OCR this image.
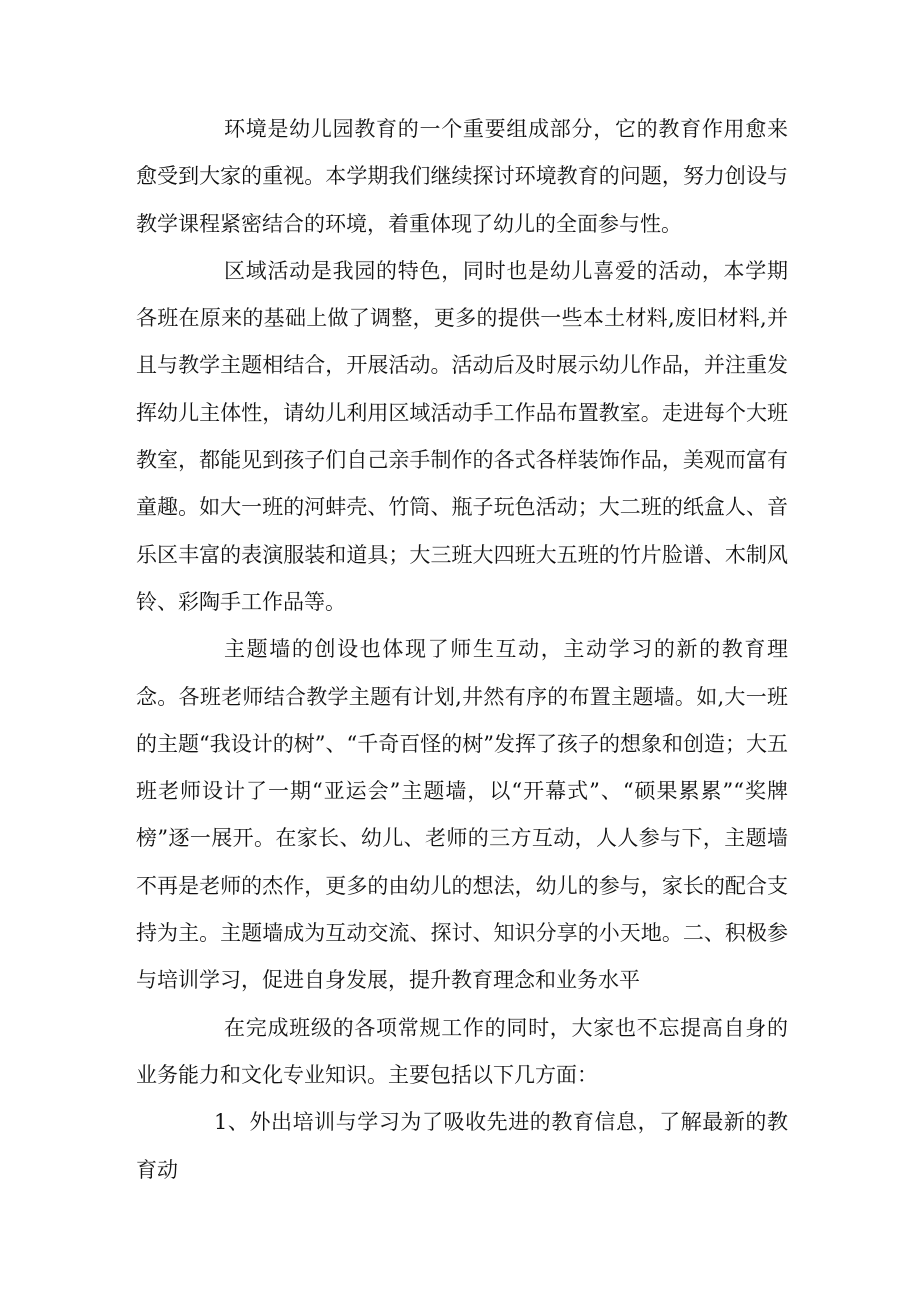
环境是幼儿园教育的一个重要组成部分，它的教育作用愈来愈受到大家的重视。本学期我们继续探讨环境教育的问题，努力创设与教学课程紧密结合的环境，着重体现了幼儿的全面参与性。

区域活动是我园的特色，同时也是幼儿喜爱的活动，本学期各班在原来的基础上做了调整，更多的提供一些本土材料,废旧材料,并且与教学主题相结合，开展活动。活动后及时展示幼儿作品，并注重发挥幼儿主体性，请幼儿利用区域活动手工作品布置教室。走进每个大班教室，都能见到孩子们自己亲手制作的各式各样装饰作品，美观而富有童趣。如大一班的河蚌壳、竹筒、瓶子玩色活动；大二班的纸盒人、音乐区丰富的表演服装和道具；大三班大四班大五班的竹片脸谱、木制风铃、彩陶手工作品等。

主题墙的创设也体现了师生互动，主动学习的新的教育理念。各班老师结合教学主题有计划,井然有序的布置主题墙。如,大一班的主题“我设计的树”、“千奇百怪的树”发挥了孩子的想象和创造；大五班老师设计了一期“亚运会”主题墙，以“开幕式”、“硕果累累”“奖牌榜”逐一展开。在家长、幼儿、老师的三方互动，人人参与下，主题墙不再是老师的杰作，更多的由幼儿的想法，幼儿的参与，家长的配合支持为主。主题墙成为互动交流、探讨、知识分享的小天地。二、积极参与培训学习，促进自身发展，提升教育理念和业务水平

在完成班级的各项常规工作的同时，大家也不忘提高自身的业务能力和文化专业知识。主要包括以下几方面：

1、外出培训与学习为了吸收先进的教育信息，了解最新的教育动
